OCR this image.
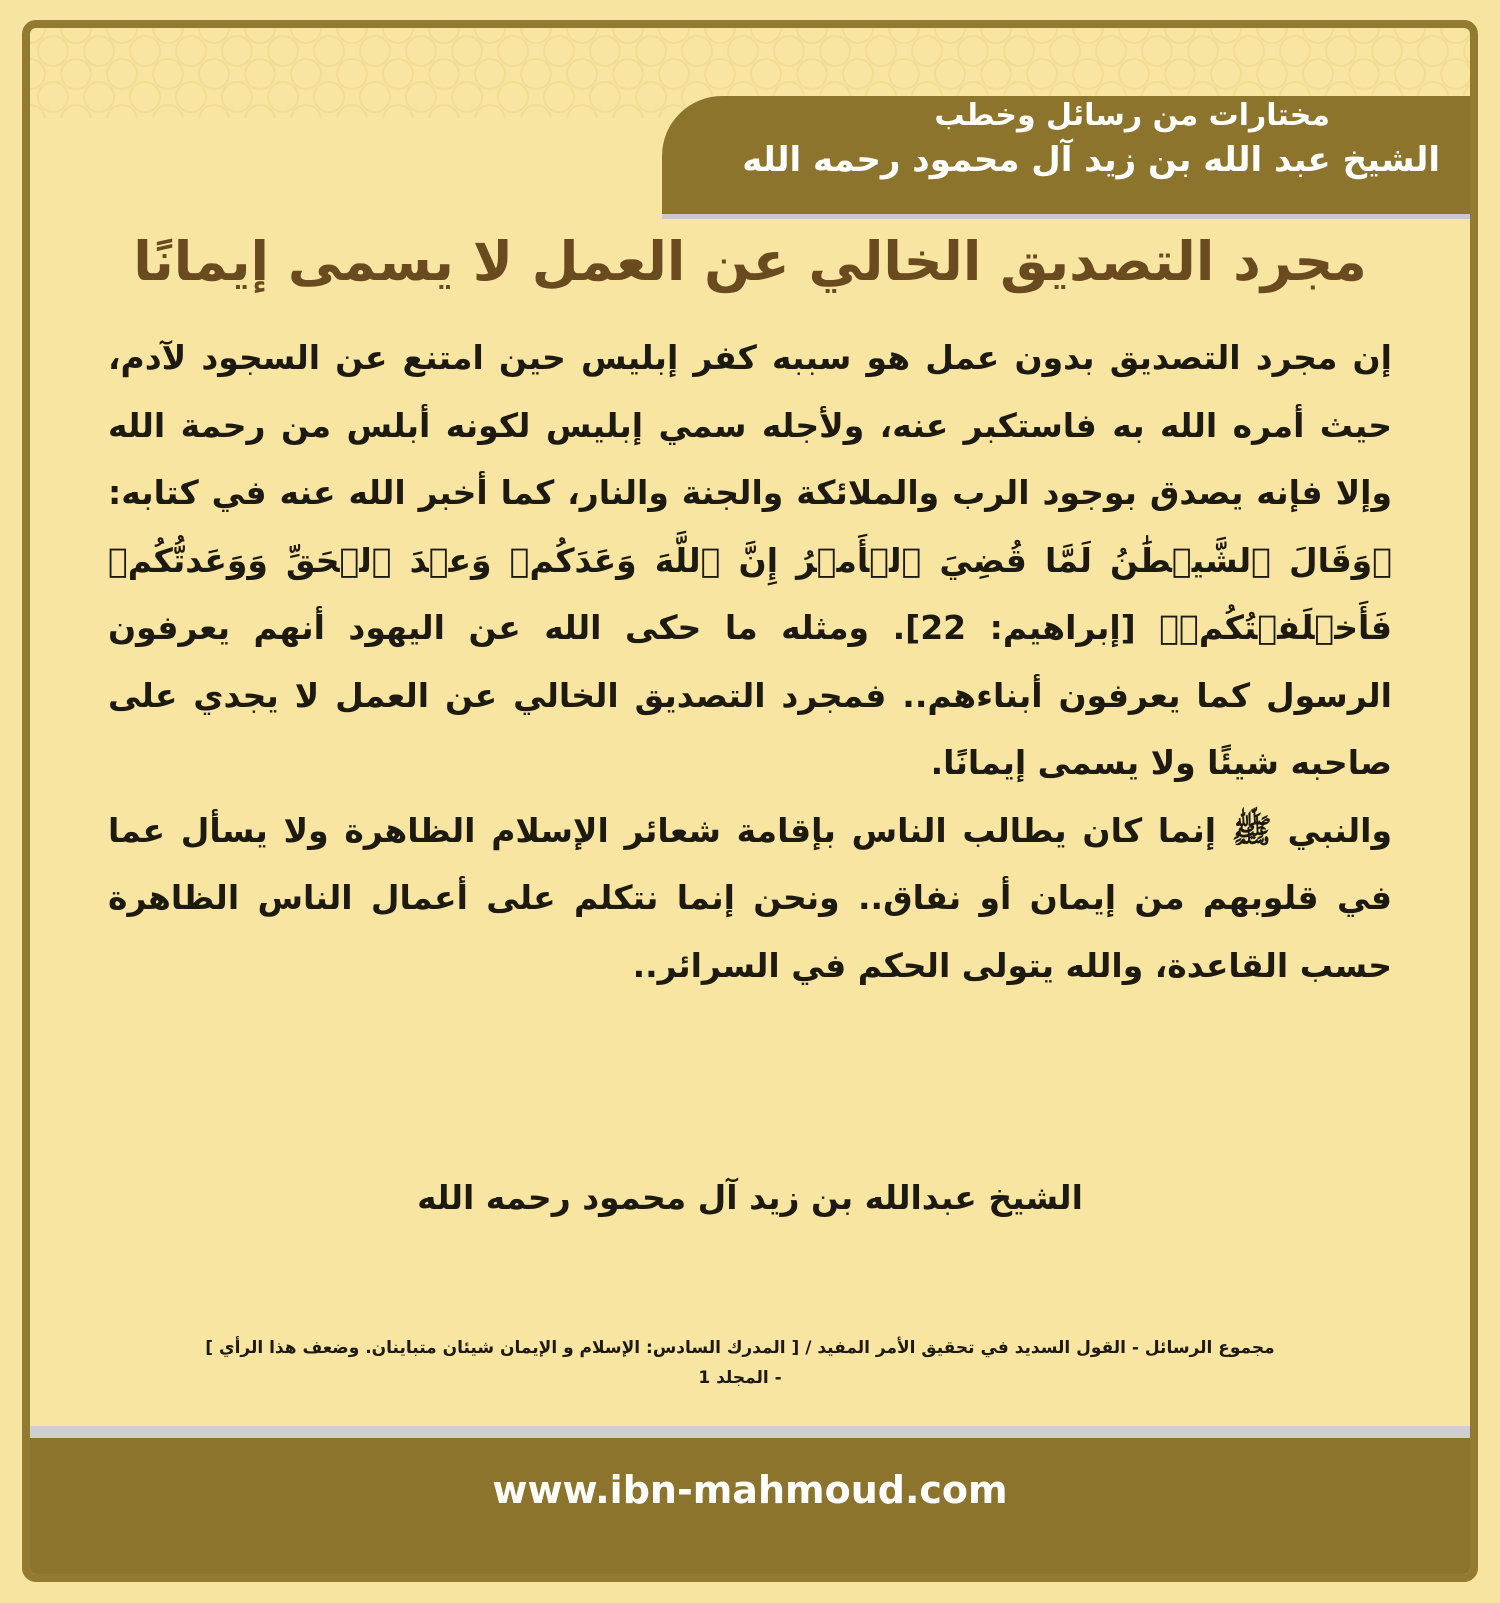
مختارات من رسائل وخطب
الشيخ عبد الله بن زيد آل محمود رحمه الله
مجرد التصديق الخالي عن العمل لا يسمى إيمانًا

إن مجرد التصديق بدون عمل هو سببه كفر إبليس حين امتنع عن السجود لآدم، حيث أمره الله به فاستكبر عنه، ولأجله سمي إبليس لكونه أبلس من رحمة الله وإلا فإنه يصدق بوجود الرب والملائكة والجنة والنار، كما أخبر الله عنه في كتابه: ﴿وَقَالَ ٱلشَّيۡطَٰنُ لَمَّا قُضِيَ ٱلۡأَمۡرُ إِنَّ ٱللَّهَ وَعَدَكُمۡ وَعۡدَ ٱلۡحَقِّ وَوَعَدتُّكُمۡ فَأَخۡلَفۡتُكُمۡ﴾ [إبراهيم: 22]. ومثله ما حكى الله عن اليهود أنهم يعرفون الرسول كما يعرفون أبناءهم.. فمجرد التصديق الخالي عن العمل لا يجدي على صاحبه شيئًا ولا يسمى إيمانًا.

والنبي ﷺ إنما كان يطالب الناس بإقامة شعائر الإسلام الظاهرة ولا يسأل عما في قلوبهم من إيمان أو نفاق.. ونحن إنما نتكلم على أعمال الناس الظاهرة حسب القاعدة، والله يتولى الحكم في السرائر..

الشيخ عبدالله بن زيد آل محمود رحمه الله
مجموع الرسائل - القول السديد في تحقيق الأمر المفيد / [ المدرك السادس: الإسلام و الإيمان شيئان متباينان. وضعف هذا الرأي ]
- المجلد 1
www.ibn-mahmoud.com
